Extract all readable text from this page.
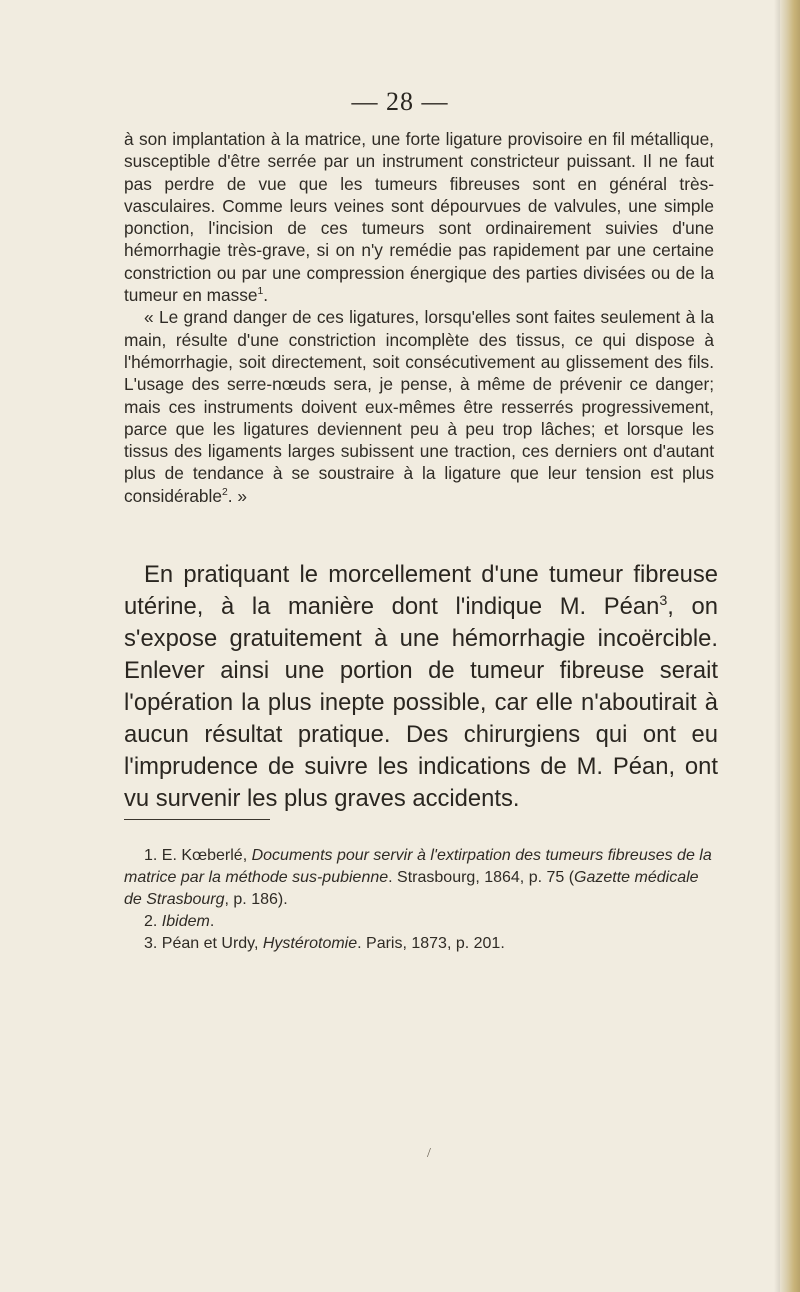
— 28 —

à son implantation à la matrice, une forte ligature provisoire en fil métallique, susceptible d'être serrée par un instrument constricteur puissant. Il ne faut pas perdre de vue que les tumeurs fibreuses sont en général très-vasculaires. Comme leurs veines sont dépourvues de valvules, une simple ponction, l'incision de ces tumeurs sont ordinairement suivies d'une hémorrhagie très-grave, si on n'y remédie pas rapidement par une certaine constriction ou par une compression énergique des parties divisées ou de la tumeur en masse$^1$.

« Le grand danger de ces ligatures, lorsqu'elles sont faites seulement à la main, résulte d'une constriction incomplète des tissus, ce qui dispose à l'hémorrhagie, soit directement, soit consécutivement au glissement des fils. L'usage des serre-nœuds sera, je pense, à même de prévenir ce danger; mais ces instruments doivent eux-mêmes être resserrés progressivement, parce que les ligatures deviennent peu à peu trop lâches; et lorsque les tissus des ligaments larges subissent une traction, ces derniers ont d'autant plus de tendance à se soustraire à la ligature que leur tension est plus considérable$^2$. »

En pratiquant le morcellement d'une tumeur fibreuse utérine, à la manière dont l'indique M. Péan$^3$, on s'expose gratuitement à une hémorrhagie incoërcible. Enlever ainsi une portion de tumeur fibreuse serait l'opération la plus inepte possible, car elle n'aboutirait à aucun résultat pratique. Des chirurgiens qui ont eu l'imprudence de suivre les indications de M. Péan, ont vu survenir les plus graves accidents.

1. E. Kœberlé, Documents pour servir à l'extirpation des tumeurs fibreuses de la matrice par la méthode sus-pubienne. Strasbourg, 1864, p. 75 (Gazette médicale de Strasbourg, p. 186).

2. Ibidem.

3. Péan et Urdy, Hystérotomie. Paris, 1873, p. 201.

/
